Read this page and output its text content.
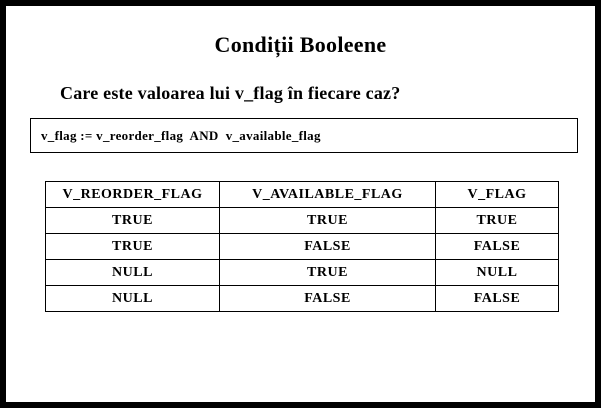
Condiții Booleene
Care este valoarea lui v_flag în fiecare caz?
v_flag := v_reorder_flag  AND  v_available_flag
V_REORDER_FLAG	V_AVAILABLE_FLAG	V_FLAG
TRUE	TRUE	TRUE
TRUE	FALSE	FALSE
NULL	TRUE	NULL
NULL	FALSE	FALSE
